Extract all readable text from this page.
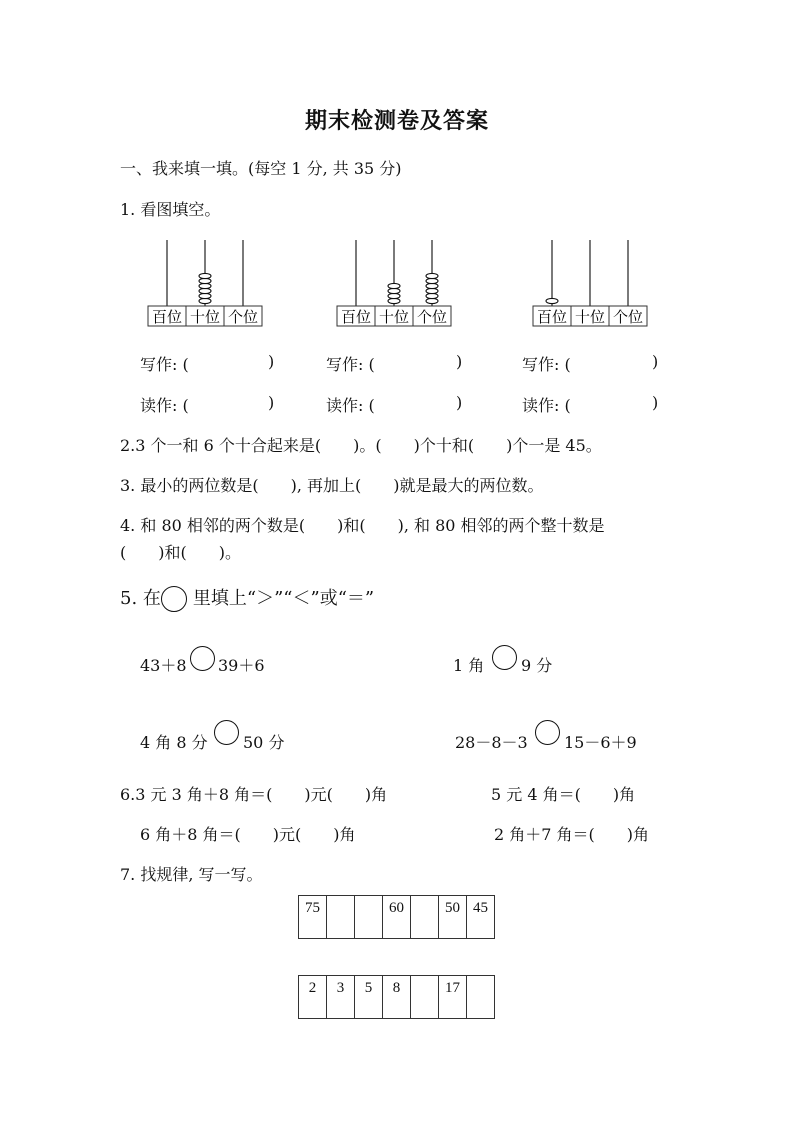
期末检测卷及答案
一、我来填一填。(每空 1 分, 共 35 分)
1. 看图填空。
百位 十位 个位	百位 十位 个位	百位 十位 个位
写作: (	)	写作: (	)	写作: (	)
读作: (	)	读作: (	)	读作: (	)
2.3 个一和 6 个十合起来是(　　)。(　　)个十和(　　)个一是 45。
3. 最小的两位数是(　　), 再加上(　　)就是最大的两位数。
4. 和 80 相邻的两个数是(　　)和(　　), 和 80 相邻的两个整十数是
(　　)和(　　)。
5. 在 里填上“＞”“＜”或“＝”
43＋8 39＋6	1 角 9 分
4 角 8 分 50 分	28－8－3 15－6＋9
6.3 元 3 角＋8 角＝(　　)元(　　)角	5 元 4 角＝(　　)角
6 角＋8 角＝(　　)元(　　)角	2 角＋7 角＝(　　)角
7. 找规律, 写一写。
75			60		50	45
2	3	5	8		17	
